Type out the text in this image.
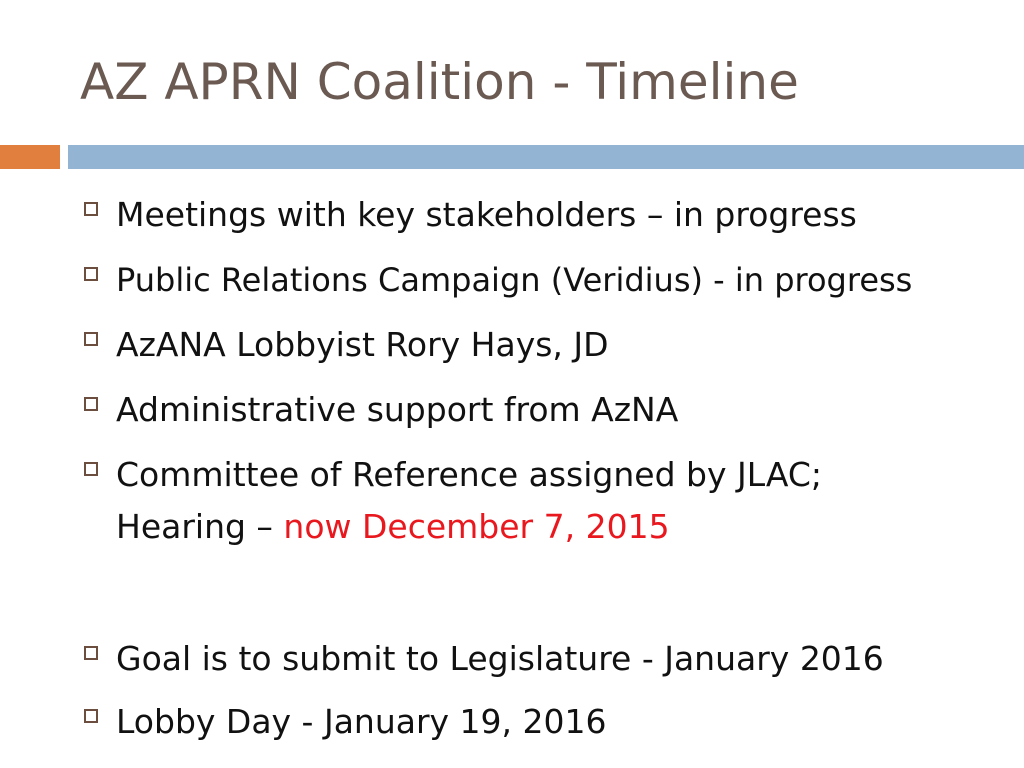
AZ APRN Coalition - Timeline
Meetings with key stakeholders – in progress
Public Relations Campaign (Veridius) - in progress
AzANA Lobbyist Rory Hays, JD
Administrative support from AzNA
Committee of Reference assigned by JLAC;
Hearing – now December 7, 2015
Goal is to submit to Legislature - January 2016
Lobby Day - January 19, 2016
